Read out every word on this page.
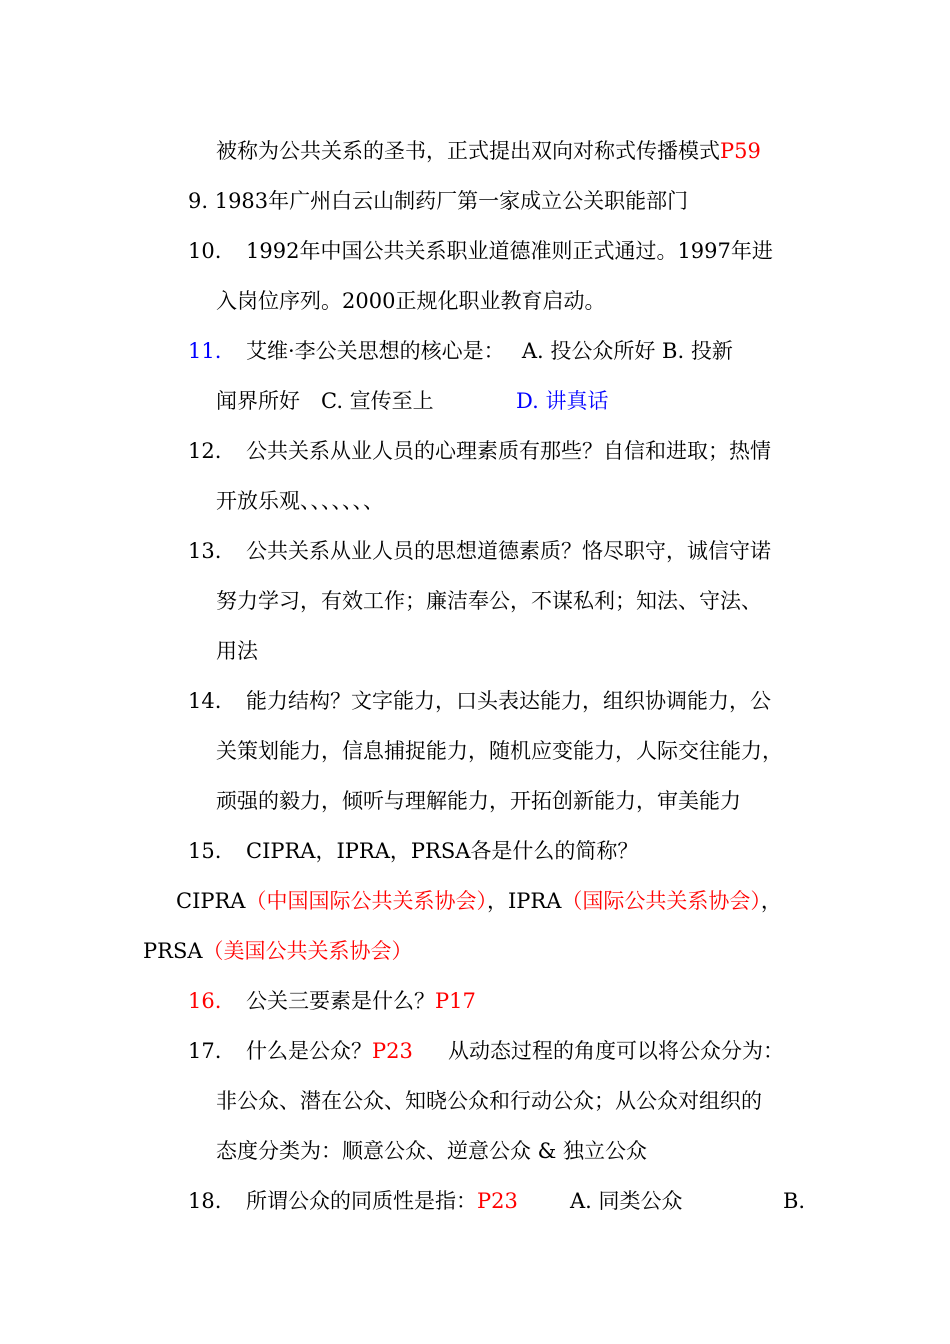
被称为公共关系的圣书，正式提出双向对称式传播模式P59
9. 1983年广州白云山制药厂第一家成立公关职能部门
10. 1992年中国公共关系职业道德准则正式通过。1997年进
入岗位序列。2000正规化职业教育启动。
11. 艾维·李公关思想的核心是：　 A. 投公众所好 B. 投新
闻界所好　C. 宣传至上	D. 讲真话
12. 公共关系从业人员的心理素质有那些？自信和进取；热情
开放乐观、、、、、、、
13. 公共关系从业人员的思想道德素质？恪尽职守，诚信守诺
努力学习，有效工作；廉洁奉公，不谋私利；知法、守法、
用法
14. 能力结构？文字能力，口头表达能力，组织协调能力，公
关策划能力，信息捕捉能力，随机应变能力，人际交往能力，
顽强的毅力，倾听与理解能力，开拓创新能力，审美能力
15. CIPRA，IPRA，PRSA各是什么的简称？
CIPRA（中国国际公共关系协会），IPRA（国际公共关系协会），
PRSA（美国公共关系协会）
16. 公关三要素是什么？P17
17. 什么是公众？P23 从动态过程的角度可以将公众分为：
非公众、潜在公众、知晓公众和行动公众；从公众对组织的
态度分类为：顺意公众、逆意公众 & 独立公众
18. 所谓公众的同质性是指：P23 A. 同类公众	B.
